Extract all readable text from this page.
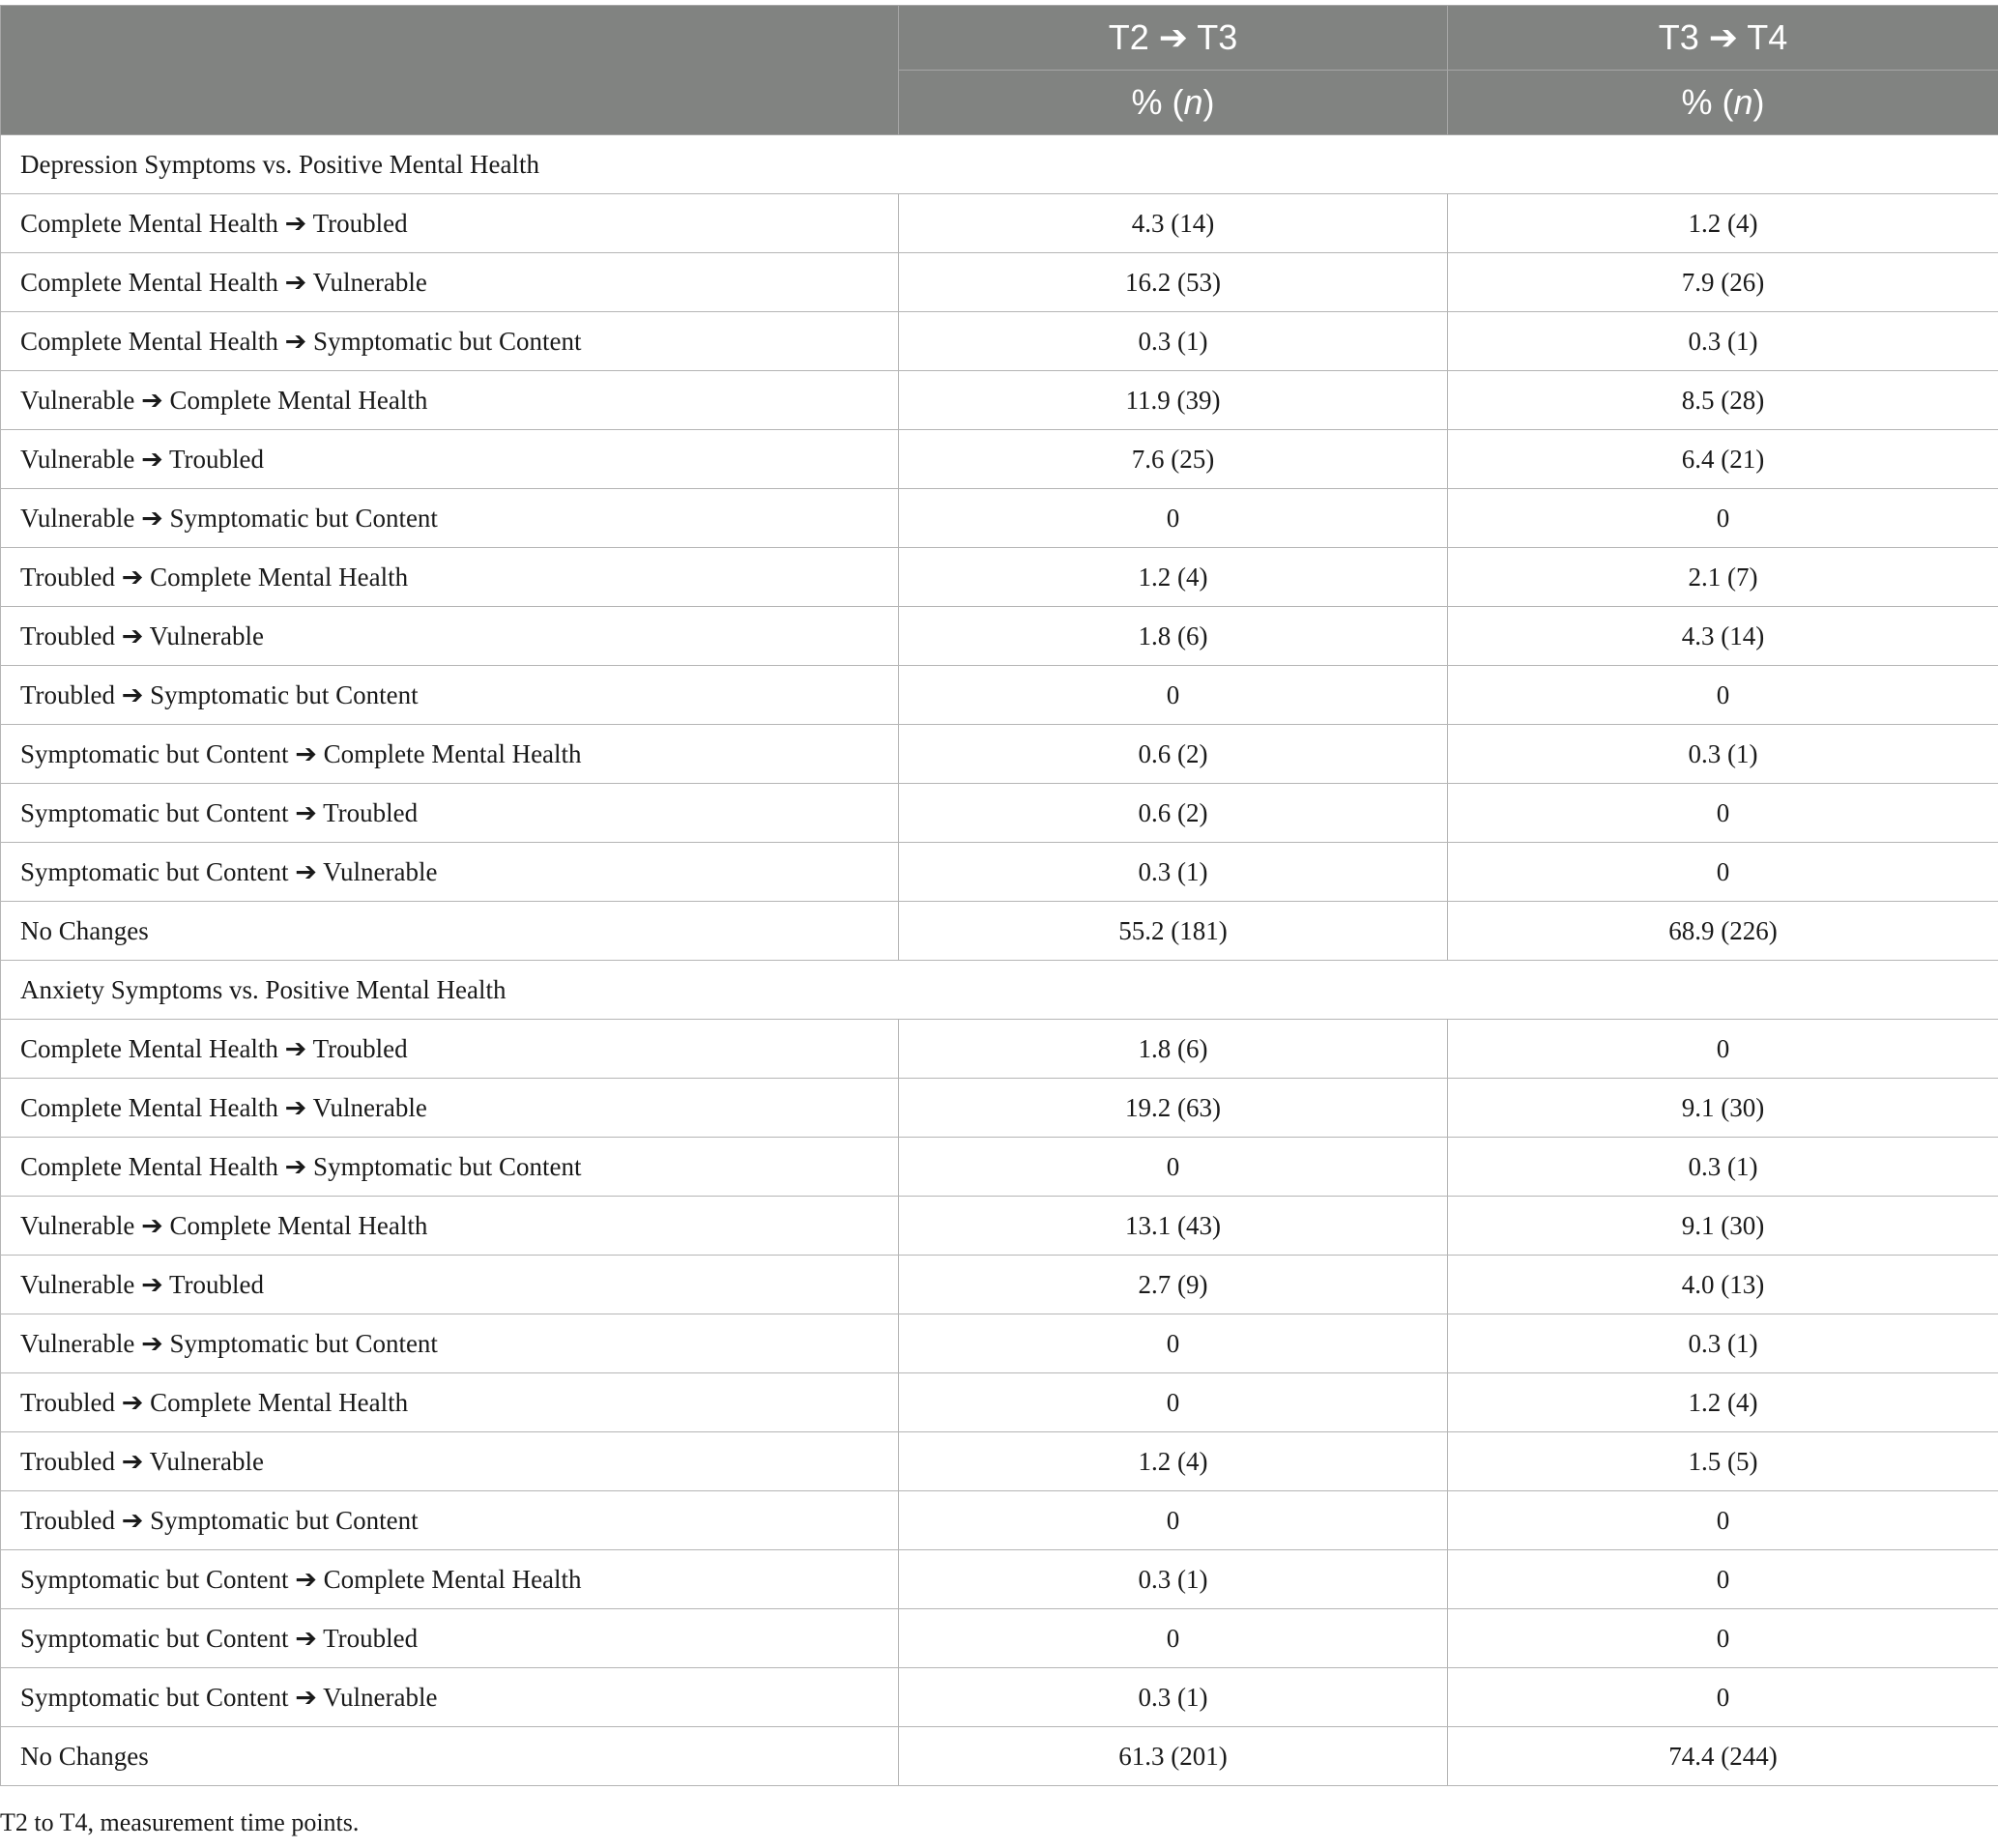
	T2 ➔ T3	T3 ➔ T4
	% (n)	% (n)
Depression Symptoms vs. Positive Mental Health		
Complete Mental Health ➔ Troubled	4.3 (14)	1.2 (4)
Complete Mental Health ➔ Vulnerable	16.2 (53)	7.9 (26)
Complete Mental Health ➔ Symptomatic but Content	0.3 (1)	0.3 (1)
Vulnerable ➔ Complete Mental Health	11.9 (39)	8.5 (28)
Vulnerable ➔ Troubled	7.6 (25)	6.4 (21)
Vulnerable ➔ Symptomatic but Content	0	0
Troubled ➔ Complete Mental Health	1.2 (4)	2.1 (7)
Troubled ➔ Vulnerable	1.8 (6)	4.3 (14)
Troubled ➔ Symptomatic but Content	0	0
Symptomatic but Content ➔ Complete Mental Health	0.6 (2)	0.3 (1)
Symptomatic but Content ➔ Troubled	0.6 (2)	0
Symptomatic but Content ➔ Vulnerable	0.3 (1)	0
No Changes	55.2 (181)	68.9 (226)
Anxiety Symptoms vs. Positive Mental Health		
Complete Mental Health ➔ Troubled	1.8 (6)	0
Complete Mental Health ➔ Vulnerable	19.2 (63)	9.1 (30)
Complete Mental Health ➔ Symptomatic but Content	0	0.3 (1)
Vulnerable ➔ Complete Mental Health	13.1 (43)	9.1 (30)
Vulnerable ➔ Troubled	2.7 (9)	4.0 (13)
Vulnerable ➔ Symptomatic but Content	0	0.3 (1)
Troubled ➔ Complete Mental Health	0	1.2 (4)
Troubled ➔ Vulnerable	1.2 (4)	1.5 (5)
Troubled ➔ Symptomatic but Content	0	0
Symptomatic but Content ➔ Complete Mental Health	0.3 (1)	0
Symptomatic but Content ➔ Troubled	0	0
Symptomatic but Content ➔ Vulnerable	0.3 (1)	0
No Changes	61.3 (201)	74.4 (244)
T2 to T4, measurement time points.
